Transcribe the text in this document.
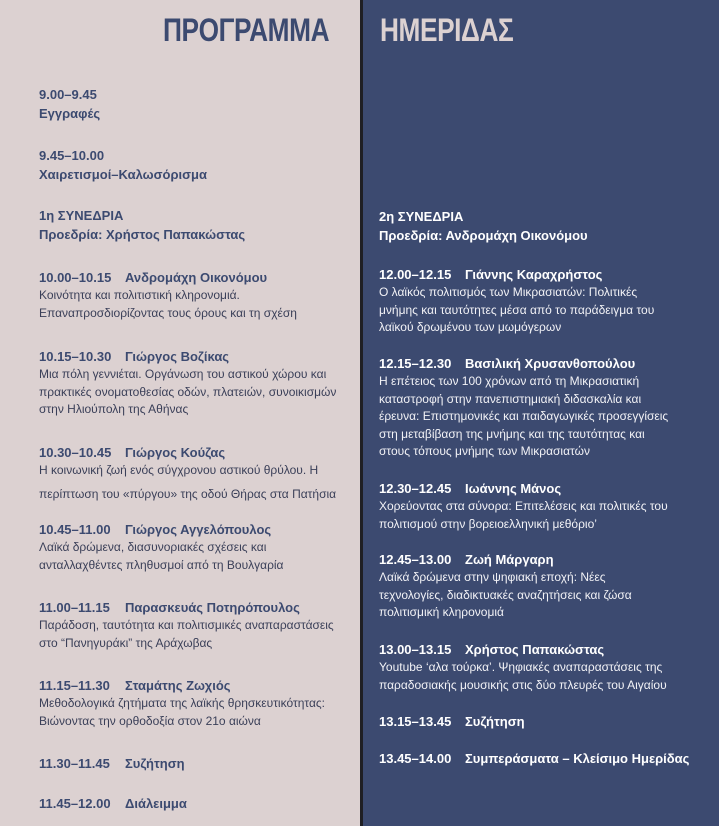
ΠΡΟΓΡΑΜΜΑ ΗΜΕΡΙΔΑΣ
9.00–9.45
Εγγραφές
9.45–10.00
Χαιρετισμοί–Καλωσόρισμα
1η ΣΥΝΕΔΡΙΑ
Προεδρία: Χρήστος Παπακώστας
10.00–10.15 Ανδρομάχη Οικονόμου
Κοινότητα και πολιτιστική κληρονομιά.
Επαναπροσδιορίζοντας τους όρους και τη σχέση
10.15–10.30 Γιώργος Βοζίκας
Μια πόλη γεννιέται. Οργάνωση του αστικού χώρου και
πρακτικές ονοματοθεσίας οδών, πλατειών, συνοικισμών
στην Ηλιούπολη της Αθήνας
10.30–10.45 Γιώργος Κούζας
Η κοινωνική ζωή ενός σύγχρονου αστικού θρύλου. Η
περίπτωση του «πύργου» της οδού Θήρας στα Πατήσια
10.45–11.00 Γιώργος Αγγελόπουλος
Λαϊκά δρώμενα, διασυνοριακές σχέσεις και
ανταλλαχθέντες πληθυσμοί από τη Βουλγαρία
11.00–11.15 Παρασκευάς Ποτηρόπουλος
Παράδοση, ταυτότητα και πολιτισμικές αναπαραστάσεις
στο “Πανηγυράκι” της Αράχωβας
11.15–11.30 Σταμάτης Ζωχιός
Μεθοδολογικά ζητήματα της λαϊκής θρησκευτικότητας:
Βιώνοντας την ορθοδοξία στον 21ο αιώνα
11.30–11.45 Συζήτηση
11.45–12.00 Διάλειμμα
2η ΣΥΝΕΔΡΙΑ
Προεδρία: Ανδρομάχη Οικονόμου
12.00–12.15 Γιάννης Καραχρήστος
Ο λαϊκός πολιτισμός των Μικρασιατών: Πολιτικές
μνήμης και ταυτότητες μέσα από το παράδειγμα του
λαϊκού δρωμένου των μωμόγερων
12.15–12.30 Βασιλική Χρυσανθοπούλου
Η επέτειος των 100 χρόνων από τη Μικρασιατική
καταστροφή στην πανεπιστημιακή διδασκαλία και
έρευνα: Επιστημονικές και παιδαγωγικές προσεγγίσεις
στη μεταβίβαση της μνήμης και της ταυτότητας και
στους τόπους μνήμης των Μικρασιατών
12.30–12.45 Ιωάννης Μάνος
Χορεύοντας στα σύνορα: Επιτελέσεις και πολιτικές του
πολιτισμού στην βορειοελληνική μεθόριο’
12.45–13.00 Ζωή Μάργαρη
Λαϊκά δρώμενα στην ψηφιακή εποχή: Νέες
τεχνολογίες, διαδικτυακές αναζητήσεις και ζώσα
πολιτισμική κληρονομιά
13.00–13.15 Χρήστος Παπακώστας
Youtube ‘αλα τούρκα’. Ψηφιακές αναπαραστάσεις της
παραδοσιακής μουσικής στις δύο πλευρές του Αιγαίου
13.15–13.45 Συζήτηση
13.45–14.00 Συμπεράσματα – Κλείσιμο Ημερίδας
